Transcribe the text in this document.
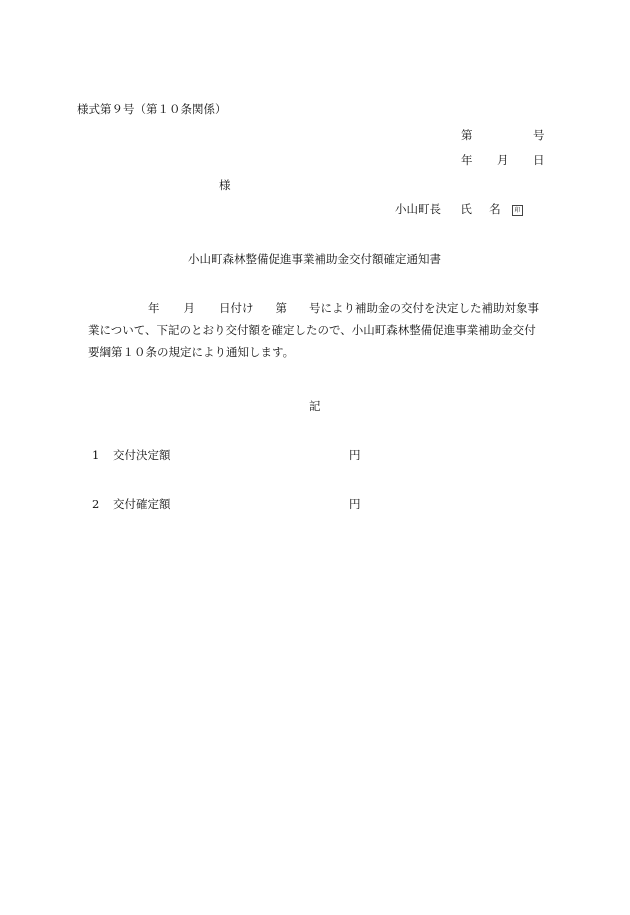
様式第９号（第１０条関係）
第	号
年 月 日
様
小山町長 氏 名 印
小山町森林整備促進事業補助金交付額確定通知書
年 月 日付け 第 号により補助金の交付を決定した補助対象事
業について、下記のとおり交付額を確定したので、小山町森林整備促進事業補助金交付
要綱第１０条の規定により通知します。
記
1 交付決定額	円
2 交付確定額	円
